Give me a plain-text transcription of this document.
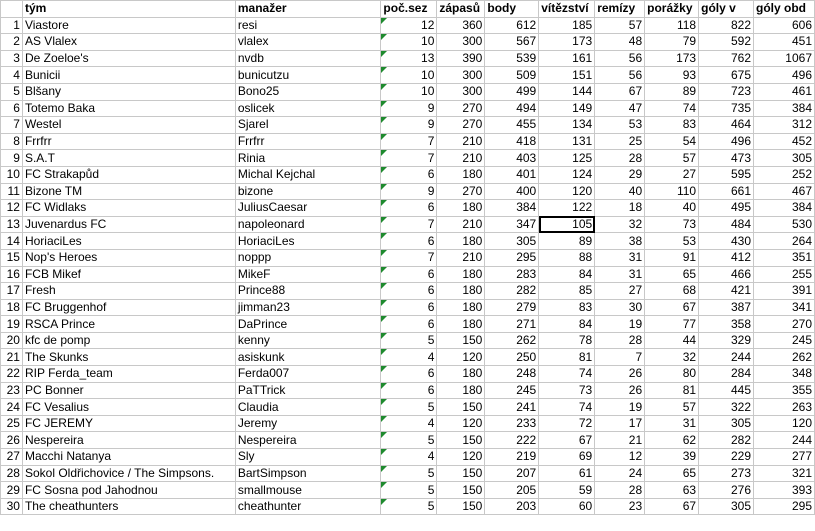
	tým	manažer	poč.sez	zápasů	body	vítězství	remízy	porážky	góly v	góly obd
1	Viastore	resi	12	360	612	185	57	118	822	606
2	AS Vlalex	vlalex	10	300	567	173	48	79	592	451
3	De Zoeloe's	nvdb	13	390	539	161	56	173	762	1067
4	Bunicii	bunicutzu	10	300	509	151	56	93	675	496
5	Blšany	Bono25	10	300	499	144	67	89	723	461
6	Totemo Baka	oslicek	9	270	494	149	47	74	735	384
7	Westel	Sjarel	9	270	455	134	53	83	464	312
8	Frrfrr	Frrfrr	7	210	418	131	25	54	496	452
9	S.A.T	Rinia	7	210	403	125	28	57	473	305
10	FC Strakapůd	Michal Kejchal	6	180	401	124	29	27	595	252
11	Bizone TM	bizone	9	270	400	120	40	110	661	467
12	FC Widlaks	JuliusCaesar	6	180	384	122	18	40	495	384
13	Juvenardus FC	napoleonard	7	210	347	105	32	73	484	530
14	HoriaciLes	HoriaciLes	6	180	305	89	38	53	430	264
15	Nop's Heroes	noppp	7	210	295	88	31	91	412	351
16	FCB Mikef	MikeF	6	180	283	84	31	65	466	255
17	Fresh	Prince88	6	180	282	85	27	68	421	391
18	FC Bruggenhof	jimman23	6	180	279	83	30	67	387	341
19	RSCA Prince	DaPrince	6	180	271	84	19	77	358	270
20	kfc de pomp	kenny	5	150	262	78	28	44	329	245
21	The Skunks	asiskunk	4	120	250	81	7	32	244	262
22	RIP Ferda_team	Ferda007	6	180	248	74	26	80	284	348
23	PC Bonner	PaTTrick	6	180	245	73	26	81	445	355
24	FC Vesalius	Claudia	5	150	241	74	19	57	322	263
25	FC JEREMY	Jeremy	4	120	233	72	17	31	305	120
26	Nespereira	Nespereira	5	150	222	67	21	62	282	244
27	Macchi Natanya	Sly	4	120	219	69	12	39	229	277
28	Sokol Oldřichovice / The Simpsons.	BartSimpson	5	150	207	61	24	65	273	321
29	FC Sosna pod Jahodnou	smallmouse	5	150	205	59	28	63	276	393
30	The cheathunters	cheathunter	5	150	203	60	23	67	305	295
